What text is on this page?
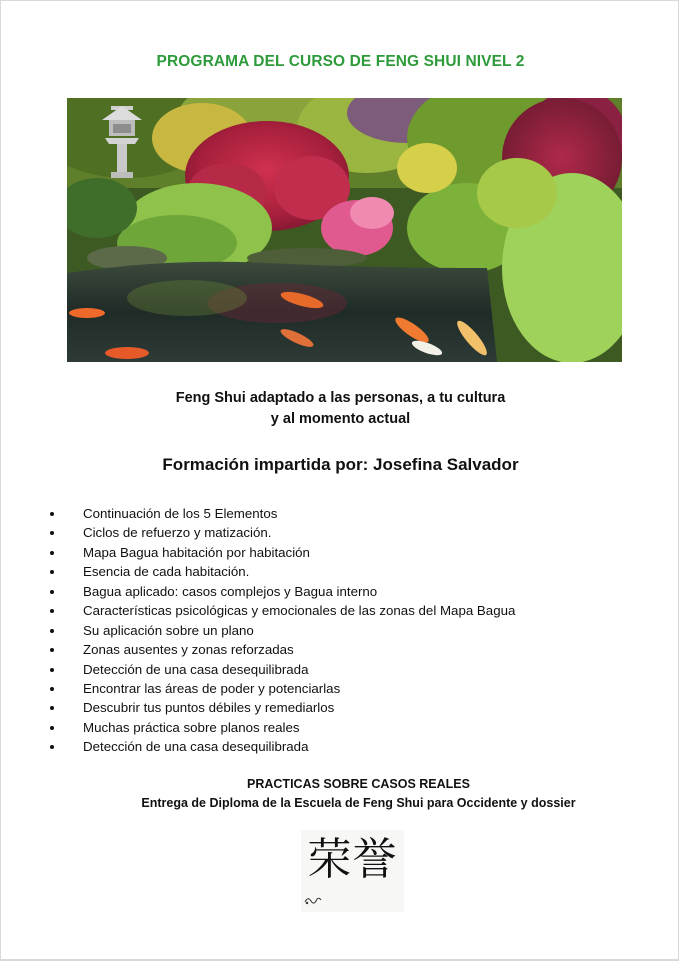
PROGRAMA DEL CURSO DE FENG SHUI NIVEL 2
Feng Shui adaptado a las personas, a tu cultura
y al momento actual
Formación impartida por: Josefina Salvador
Continuación de los 5 Elementos
Ciclos de refuerzo y matización.
Mapa Bagua habitación por habitación
Esencia de cada habitación.
Bagua aplicado: casos complejos y Bagua interno
Características psicológicas y emocionales de las zonas del Mapa Bagua
Su aplicación sobre un plano
Zonas ausentes y zonas reforzadas
Detección de una casa desequilibrada
Encontrar las áreas de poder y potenciarlas
Descubrir tus puntos débiles y remediarlos
Muchas práctica sobre planos reales
Detección de una casa desequilibrada
PRACTICAS SOBRE CASOS REALES
Entrega de Diploma de la Escuela de Feng Shui para Occidente y dossier
荣誉
